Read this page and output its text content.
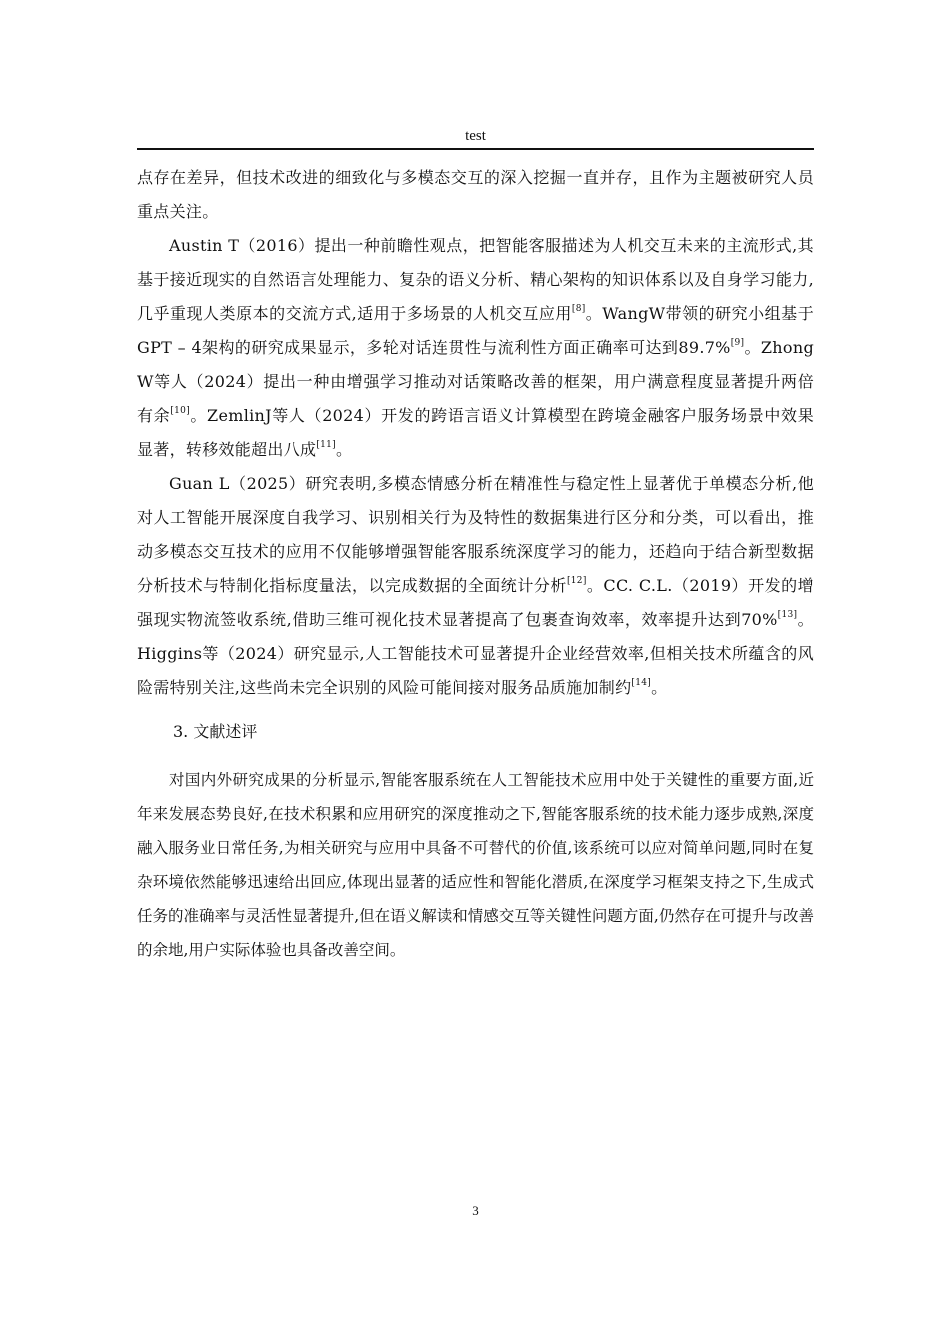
test

点存在差异，但技术改进的细致化与多模态交互的深入挖掘一直并存，且作为主题被研究人员重点关注。

Austin T（2016）提出一种前瞻性观点，把智能客服描述为人机交互未来的主流形式,其基于接近现实的自然语言处理能力、复杂的语义分析、精心架构的知识体系以及自身学习能力,几乎重现人类原本的交流方式,适用于多场景的人机交互应用[8]。WangW带领的研究小组基于GPT – 4架构的研究成果显示，多轮对话连贯性与流利性方面正确率可达到89.7%[9]。ZhongW等人（2024）提出一种由增强学习推动对话策略改善的框架，用户满意程度显著提升两倍有余[10]。ZemlinJ等人（2024）开发的跨语言语义计算模型在跨境金融客户服务场景中效果显著，转移效能超出八成[11]。

Guan L（2025）研究表明,多模态情感分析在精准性与稳定性上显著优于单模态分析,他对人工智能开展深度自我学习、识别相关行为及特性的数据集进行区分和分类，可以看出，推动多模态交互技术的应用不仅能够增强智能客服系统深度学习的能力，还趋向于结合新型数据分析技术与特制化指标度量法，以完成数据的全面统计分析[12]。CC. C.L.（2019）开发的增强现实物流签收系统,借助三维可视化技术显著提高了包裹查询效率，效率提升达到70%[13]。Higgins等（2024）研究显示,人工智能技术可显著提升企业经营效率,但相关技术所蕴含的风险需特别关注,这些尚未完全识别的风险可能间接对服务品质施加制约[14]。

3. 文献述评

对国内外研究成果的分析显示,智能客服系统在人工智能技术应用中处于关键性的重要方面,近年来发展态势良好,在技术积累和应用研究的深度推动之下,智能客服系统的技术能力逐步成熟,深度融入服务业日常任务,为相关研究与应用中具备不可替代的价值,该系统可以应对简单问题,同时在复杂环境依然能够迅速给出回应,体现出显著的适应性和智能化潜质,在深度学习框架支持之下,生成式任务的准确率与灵活性显著提升,但在语义解读和情感交互等关键性问题方面,仍然存在可提升与改善的余地,用户实际体验也具备改善空间。

3
